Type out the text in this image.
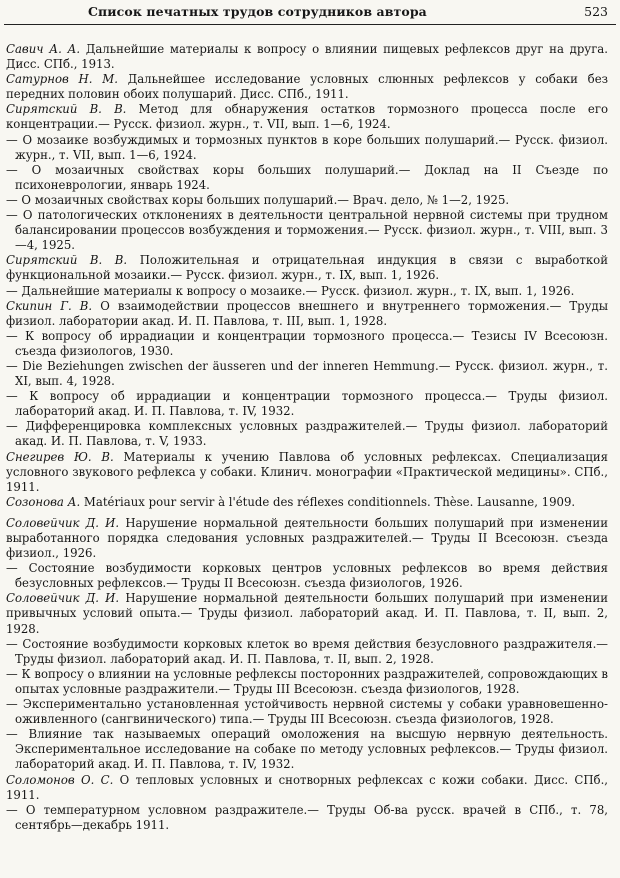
Список печатных трудов сотрудников автора	523

Савич А. А. Дальнейшие материалы к вопросу о влиянии пищевых рефлексов друг на друга. Дисс. СПб., 1913.

Сатурнов Н. М. Дальнейшее исследование условных слюнных рефлексов у собаки без передних половин обоих полушарий. Дисс. СПб., 1911.

Сирятский В. В. Метод для обнаружения остатков тормозного процесса после его концентрации.— Русск. физиол. журн., т. VII, вып. 1—6, 1924.

— О мозаике возбуждимых и тормозных пунктов в коре больших полушарий.— Русск. физиол. журн., т. VII, вып. 1—6, 1924.

— О мозаичных свойствах коры больших полушарий.— Доклад на II Съезде по психоневрологии, январь 1924.

— О мозаичных свойствах коры больших полушарий.— Врач. дело, № 1—2, 1925.

— О патологических отклонениях в деятельности центральной нервной системы при трудном балансировании процессов возбуждения и торможения.— Русск. физиол. журн., т. VIII, вып. 3—4, 1925.

Сирятский В. В. Положительная и отрицательная индукция в связи с выработкой функциональной мозаики.— Русск. физиол. журн., т. IX, вып. 1, 1926.

— Дальнейшие материалы к вопросу о мозаике.— Русск. физиол. журн., т. IX, вып. 1, 1926.

Скипин Г. В. О взаимодействии процессов внешнего и внутреннего торможения.— Труды физиол. лаборатории акад. И. П. Павлова, т. III, вып. 1, 1928.

— К вопросу об иррадиации и концентрации тормозного процесса.— Тезисы IV Всесоюзн. съезда физиологов, 1930.

— Die Beziehungen zwischen der äusseren und der inneren Hemmung.— Русск. физиол. журн., т. XI, вып. 4, 1928.

— К вопросу об иррадиации и концентрации тормозного процесса.— Труды физиол. лабораторий акад. И. П. Павлова, т. IV, 1932.

— Дифференцировка комплексных условных раздражителей.— Труды физиол. лабораторий акад. И. П. Павлова, т. V, 1933.

Снегирев Ю. В. Материалы к учению Павлова об условных рефлексах. Специализация условного звукового рефлекса у собаки. Клинич. монографии «Практической медицины». СПб., 1911.

Созонова А. Matériaux pour servir à l'étude des réflexes conditionnels. Thèse. Lausanne, 1909.

Соловейчик Д. И. Нарушение нормальной деятельности больших полушарий при изменении выработанного порядка следования условных раздражителей.— Труды II Всесоюзн. съезда физиол., 1926.

— Состояние возбудимости корковых центров условных рефлексов во время действия безусловных рефлексов.— Труды II Всесоюзн. съезда физиологов, 1926.

Соловейчик Д. И. Нарушение нормальной деятельности больших полушарий при изменении привычных условий опыта.— Труды физиол. лабораторий акад. И. П. Павлова, т. II, вып. 2, 1928.

— Состояние возбудимости корковых клеток во время действия безусловного раздражителя.— Труды физиол. лабораторий акад. И. П. Павлова, т. II, вып. 2, 1928.

— К вопросу о влиянии на условные рефлексы посторонних раздражителей, сопровождающих в опытах условные раздражители.— Труды III Всесоюзн. съезда физиологов, 1928.

— Экспериментально установленная устойчивость нервной системы у собаки уравновешенно-оживленного (сангвинического) типа.— Труды III Всесоюзн. съезда физиологов, 1928.

— Влияние так называемых операций омоложения на высшую нервную деятельность. Экспериментальное исследование на собаке по методу условных рефлексов.— Труды физиол. лабораторий акад. И. П. Павлова, т. IV, 1932.

Соломонов О. С. О тепловых условных и снотворных рефлексах с кожи собаки. Дисс. СПб., 1911.

— О температурном условном раздражителе.— Труды Об-ва русск. врачей в СПб., т. 78, сентябрь—декабрь 1911.
